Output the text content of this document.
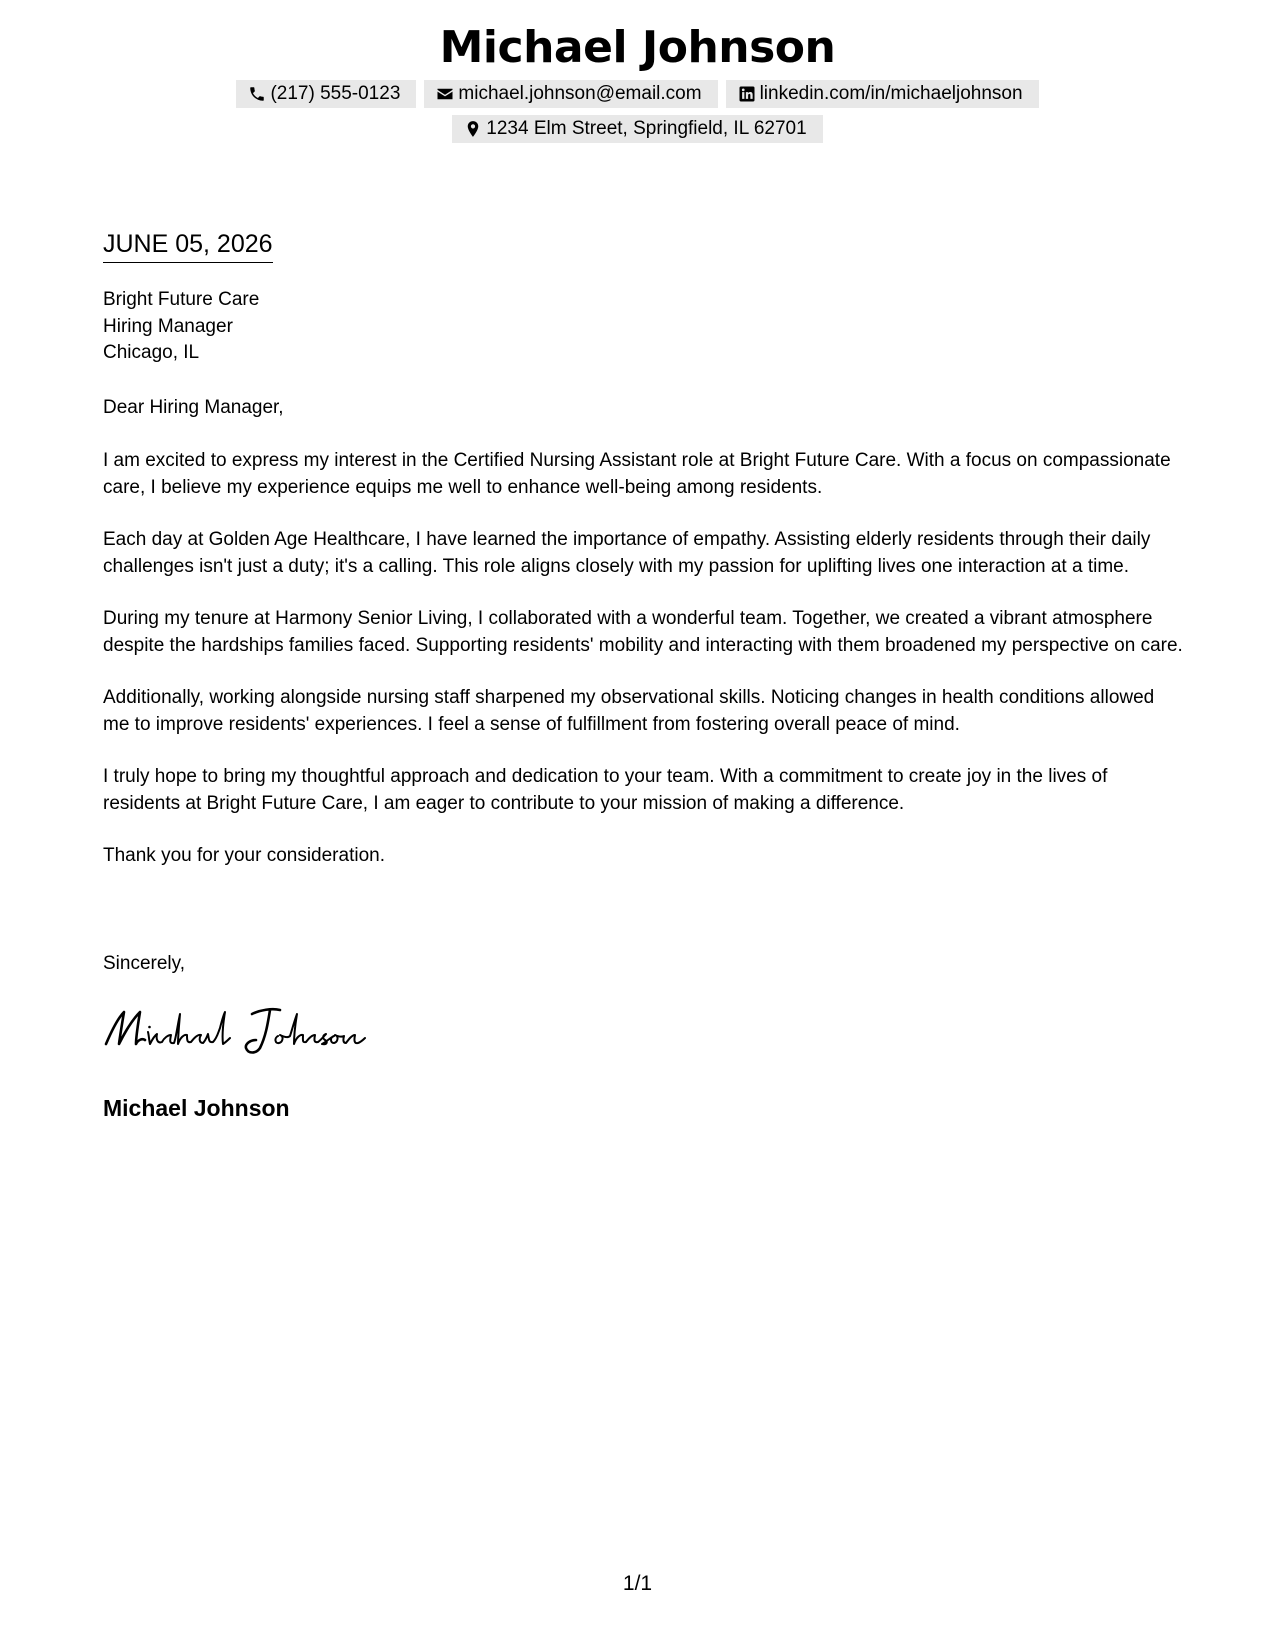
Michael Johnson
(217) 555-0123	michael.johnson@email.com	linkedin.com/in/michaeljohnson
1234 Elm Street, Springfield, IL 62701
JUNE 05, 2026
Bright Future Care
Hiring Manager
Chicago, IL
Dear Hiring Manager,

I am excited to express my interest in the Certified Nursing Assistant role at Bright Future Care. With a focus on compassionate care, I believe my experience equips me well to enhance well-being among residents.

Each day at Golden Age Healthcare, I have learned the importance of empathy. Assisting elderly residents through their daily challenges isn't just a duty; it's a calling. This role aligns closely with my passion for uplifting lives one interaction at a time.

During my tenure at Harmony Senior Living, I collaborated with a wonderful team. Together, we created a vibrant atmosphere despite the hardships families faced. Supporting residents' mobility and interacting with them broadened my perspective on care.

Additionally, working alongside nursing staff sharpened my observational skills. Noticing changes in health conditions allowed me to improve residents' experiences. I feel a sense of fulfillment from fostering overall peace of mind.

I truly hope to bring my thoughtful approach and dedication to your team. With a commitment to create joy in the lives of residents at Bright Future Care, I am eager to contribute to your mission of making a difference.

Thank you for your consideration.

Sincerely,
Michael Johnson
1/1
